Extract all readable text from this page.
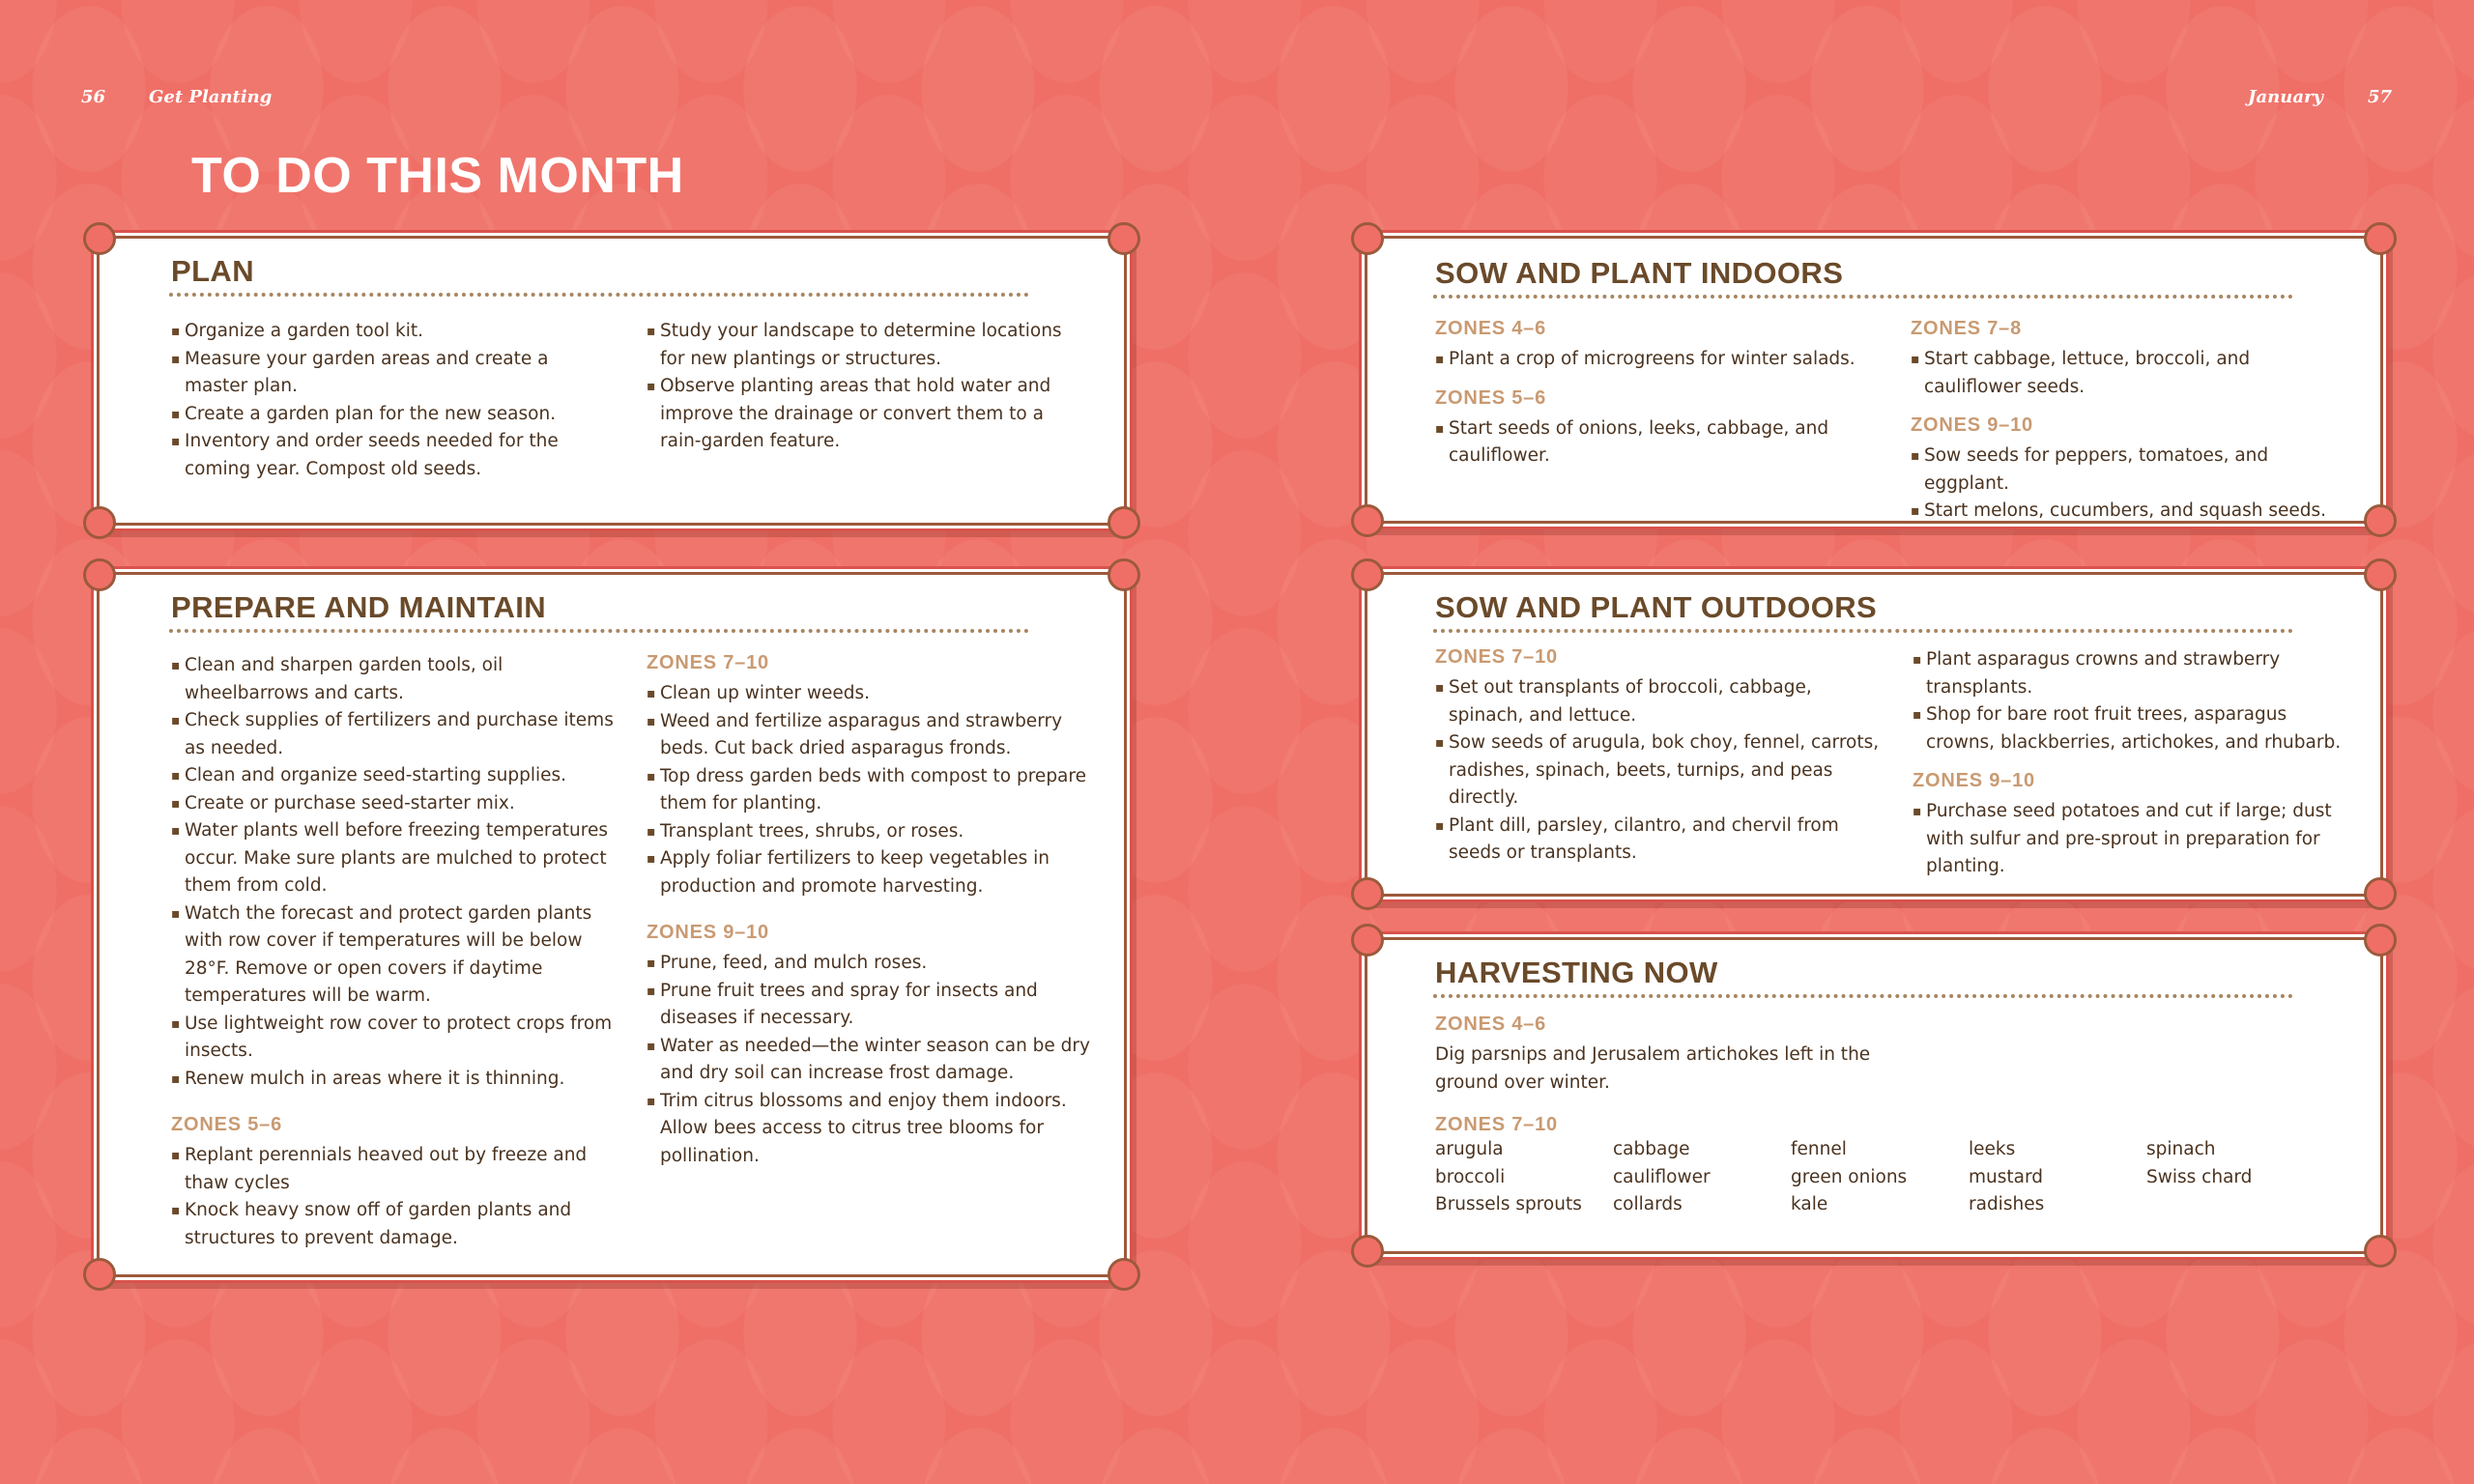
56 Get Planting	January	57
TO DO THIS MONTH
PLAN
▪ Organize a garden tool kit.
▪ Measure your garden areas and create a master plan.
▪ Create a garden plan for the new season.
▪ Inventory and order seeds needed for the coming year. Compost old seeds.
▪ Study your landscape to determine locations for new plantings or structures.
▪ Observe planting areas that hold water and improve the drainage or convert them to a rain-garden feature.
PREPARE AND MAINTAIN
▪ Clean and sharpen garden tools, oil wheelbarrows and carts.
▪ Check supplies of fertilizers and purchase items as needed.
▪ Clean and organize seed-starting supplies.
▪ Create or purchase seed-starter mix.
▪ Water plants well before freezing temperatures occur. Make sure plants are mulched to protect them from cold.
▪ Watch the forecast and protect garden plants with row cover if temperatures will be below 28°F. Remove or open covers if daytime temperatures will be warm.
▪ Use lightweight row cover to protect crops from insects.
▪ Renew mulch in areas where it is thinning.
ZONES 5–6
▪ Replant perennials heaved out by freeze and thaw cycles
▪ Knock heavy snow off of garden plants and structures to prevent damage.
ZONES 7–10
▪ Clean up winter weeds.
▪ Weed and fertilize asparagus and strawberry beds. Cut back dried asparagus fronds.
▪ Top dress garden beds with compost to prepare them for planting.
▪ Transplant trees, shrubs, or roses.
▪ Apply foliar fertilizers to keep vegetables in production and promote harvesting.
ZONES 9–10
▪ Prune, feed, and mulch roses.
▪ Prune fruit trees and spray for insects and diseases if necessary.
▪ Water as needed—the winter season can be dry and dry soil can increase frost damage.
▪ Trim citrus blossoms and enjoy them indoors. Allow bees access to citrus tree blooms for pollination.
SOW AND PLANT INDOORS
ZONES 4–6
▪ Plant a crop of microgreens for winter salads.
ZONES 5–6
▪ Start seeds of onions, leeks, cabbage, and cauliflower.
ZONES 7–8
▪ Start cabbage, lettuce, broccoli, and cauliflower seeds.
ZONES 9–10
▪ Sow seeds for peppers, tomatoes, and eggplant.
▪ Start melons, cucumbers, and squash seeds.
SOW AND PLANT OUTDOORS
ZONES 7–10
▪ Set out transplants of broccoli, cabbage, spinach, and lettuce.
▪ Sow seeds of arugula, bok choy, fennel, carrots, radishes, spinach, beets, turnips, and peas directly.
▪ Plant dill, parsley, cilantro, and chervil from seeds or transplants.
▪ Plant asparagus crowns and strawberry transplants.
▪ Shop for bare root fruit trees, asparagus crowns, blackberries, artichokes, and rhubarb.
ZONES 9–10
▪ Purchase seed potatoes and cut if large; dust with sulfur and pre-sprout in preparation for planting.
HARVESTING NOW
ZONES 4–6

Dig parsnips and Jerusalem artichokes left in the ground over winter.

ZONES 7–10
arugula
broccoli
Brussels sprouts
cabbage
cauliflower
collards
fennel
green onions
kale
leeks
mustard
radishes
spinach
Swiss chard
